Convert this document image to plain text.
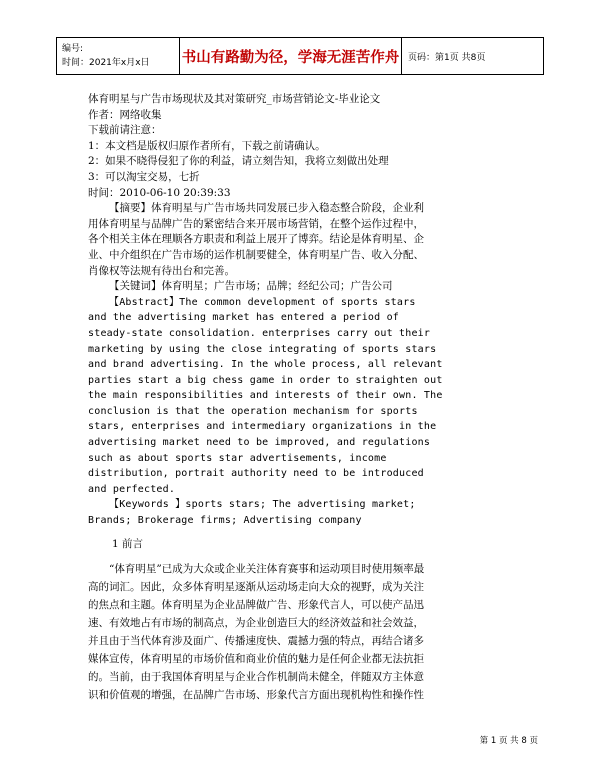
编号:
时间：2021年x月x日	书山有路勤为径，学海无涯苦作舟 页码：第1页 共8页

体育明星与广告市场现状及其对策研究_市场营销论文-毕业论文

作者：网络收集

下载前请注意：

1：本文档是版权归原作者所有，下载之前请确认。

2：如果不晓得侵犯了你的利益，请立刻告知，我将立刻做出处理

3：可以淘宝交易，七折

时间：2010-06-10 20:39:33

【摘要】体育明星与广告市场共同发展已步入稳态整合阶段，企业利
用体育明星与品牌广告的紧密结合来开展市场营销，在整个运作过程中，
各个相关主体在理顺各方职责和利益上展开了博弈。结论是体育明星、企
业、中介组织在广告市场的运作机制要健全，体育明星广告、收入分配、
肖像权等法规有待出台和完善。
【关键词】体育明星；广告市场；品牌；经纪公司；广告公司
【Abstract】The common development of sports stars
and the advertising market has entered a period of
steady-state consolidation. enterprises carry out their
marketing by using the close integrating of sports stars
and brand advertising. In the whole process, all relevant
parties start a big chess game in order to straighten out
the main responsibilities and interests of their own. The
conclusion is that the operation mechanism for sports
stars, enterprises and intermediary organizations in the
advertising market need to be improved, and regulations
such as about sports star advertisements, income
distribution, portrait authority need to be introduced
and perfected.
【Keywords 】sports stars; The advertising market;
Brands; Brokerage firms; Advertising company
1 前言
“体育明星”已成为大众或企业关注体育赛事和运动项目时使用频率最
高的词汇。因此，众多体育明星逐渐从运动场走向大众的视野，成为关注
的焦点和主题。体育明星为企业品牌做广告、形象代言人，可以使产品迅
速、有效地占有市场的制高点，为企业创造巨大的经济效益和社会效益，
并且由于当代体育涉及面广、传播速度快、震撼力强的特点，再结合诸多
媒体宣传，体育明星的市场价值和商业价值的魅力是任何企业都无法抗拒
的。当前，由于我国体育明星与企业合作机制尚未健全，伴随双方主体意
识和价值观的增强，在品牌广告市场、形象代言方面出现机构性和操作性
第 1 页 共 8 页
